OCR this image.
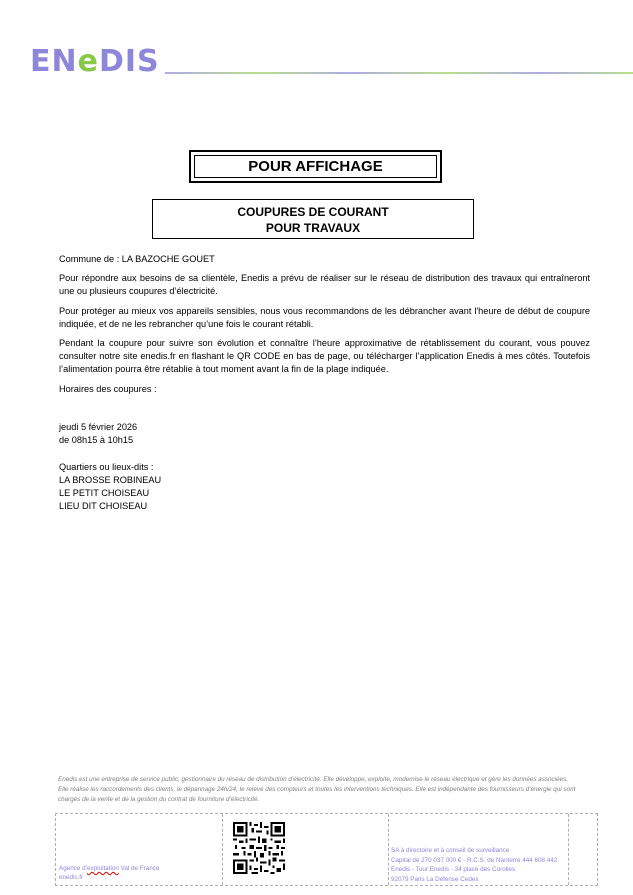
ENeDIS
POUR AFFICHAGE
COUPURES DE COURANT
POUR TRAVAUX
Commune de : LA BAZOCHE GOUET
Pour répondre aux besoins de sa clientèle, Enedis a prévu de réaliser sur le réseau de distribution des travaux qui entraîneront une ou plusieurs coupures d’électricité.
Pour protéger au mieux vos appareils sensibles, nous vous recommandons de les débrancher avant l'heure de début de coupure indiquée, et de ne les rebrancher qu’une fois le courant rétabli.
Pendant la coupure pour suivre son évolution et connaître l’heure approximative de rétablissement du courant, vous pouvez consulter notre site enedis.fr en flashant le QR CODE en bas de page, ou télécharger l’application Enedis à mes côtés. Toutefois l’alimentation pourra être rétablie à tout moment avant la fin de la plage indiquée.
Horaires des coupures :
jeudi 5 février 2026
de 08h15 à 10h15
Quartiers ou lieux-dits :
LA BROSSE ROBINEAU
LE PETIT CHOISEAU
LIEU DIT CHOISEAU
Enedis est une entreprise de service public, gestionnaire du réseau de distribution d’électricité. Elle développe, exploite, modernise le réseau électrique et gère les données associées. Elle réalise les raccordements des clients, le dépannage 24h/24, le relevé des compteurs et toutes les interventions techniques. Elle est indépendante des fournisseurs d’énergie qui sont chargés de la vente et de la gestion du contrat de fourniture d’électricité.
Agence d’exploitation Val de France
enedis.fr
SA à directoire et à conseil de surveillance
Capital de 270 037 000 € - R.C.S. de Nanterre 444 608 442
Enedis - Tour Enedis - 34 place des Corolles
92079 Paris La Défense Cedex
